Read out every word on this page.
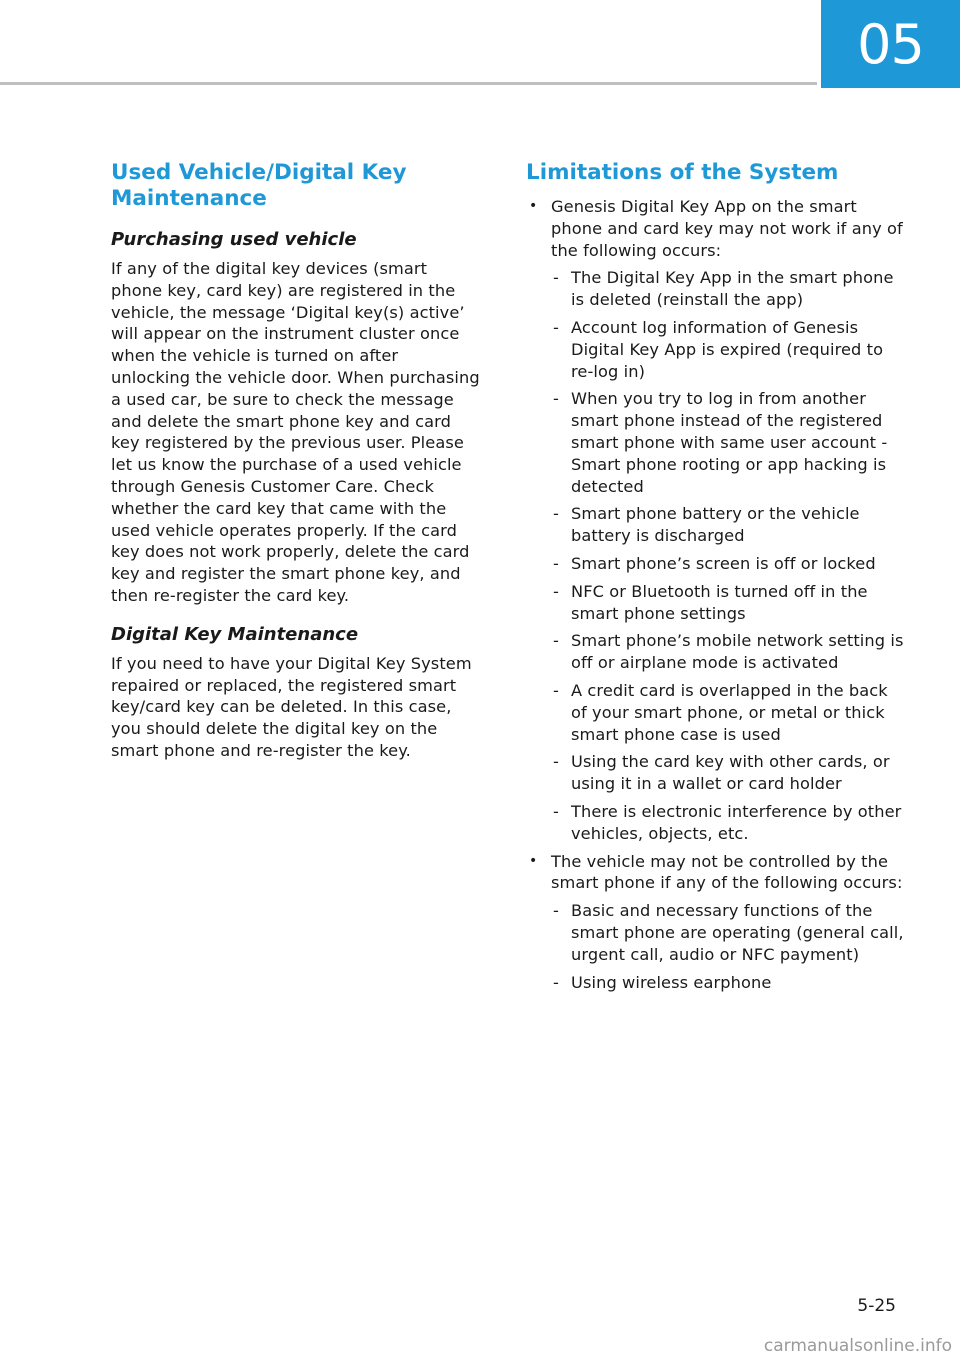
05
Used Vehicle/Digital Key Maintenance
Purchasing used vehicle

If any of the digital key devices (smart phone key, card key) are registered in the vehicle, the message ‘Digital key(s) active’ will appear on the instrument cluster once when the vehicle is turned on after unlocking the vehicle door. When purchasing a used car, be sure to check the message and delete the smart phone key and card key registered by the previous user. Please let us know the purchase of a used vehicle through Genesis Customer Care. Check whether the card key that came with the used vehicle operates properly. If the card key does not work properly, delete the card key and register the smart phone key, and then re-register the card key.

Digital Key Maintenance

If you need to have your Digital Key System repaired or replaced, the registered smart key/card key can be deleted. In this case, you should delete the digital key on the smart phone and re-register the key.

Limitations of the System
• Genesis Digital Key App on the smart phone and card key may not work if any of the following occurs:
- The Digital Key App in the smart phone is deleted (reinstall the app)
- Account log information of Genesis Digital Key App is expired (required to re-log in)
- When you try to log in from another smart phone instead of the registered smart phone with same user account - Smart phone rooting or app hacking is detected
- Smart phone battery or the vehicle battery is discharged
- Smart phone’s screen is off or locked
- NFC or Bluetooth is turned off in the smart phone settings
- Smart phone’s mobile network setting is off or airplane mode is activated
- A credit card is overlapped in the back of your smart phone, or metal or thick smart phone case is used
- Using the card key with other cards, or using it in a wallet or card holder
- There is electronic interference by other vehicles, objects, etc.
• The vehicle may not be controlled by the smart phone if any of the following occurs:
- Basic and necessary functions of the smart phone are operating (general call, urgent call, audio or NFC payment)
- Using wireless earphone
5-25
carmanualsonline.info
